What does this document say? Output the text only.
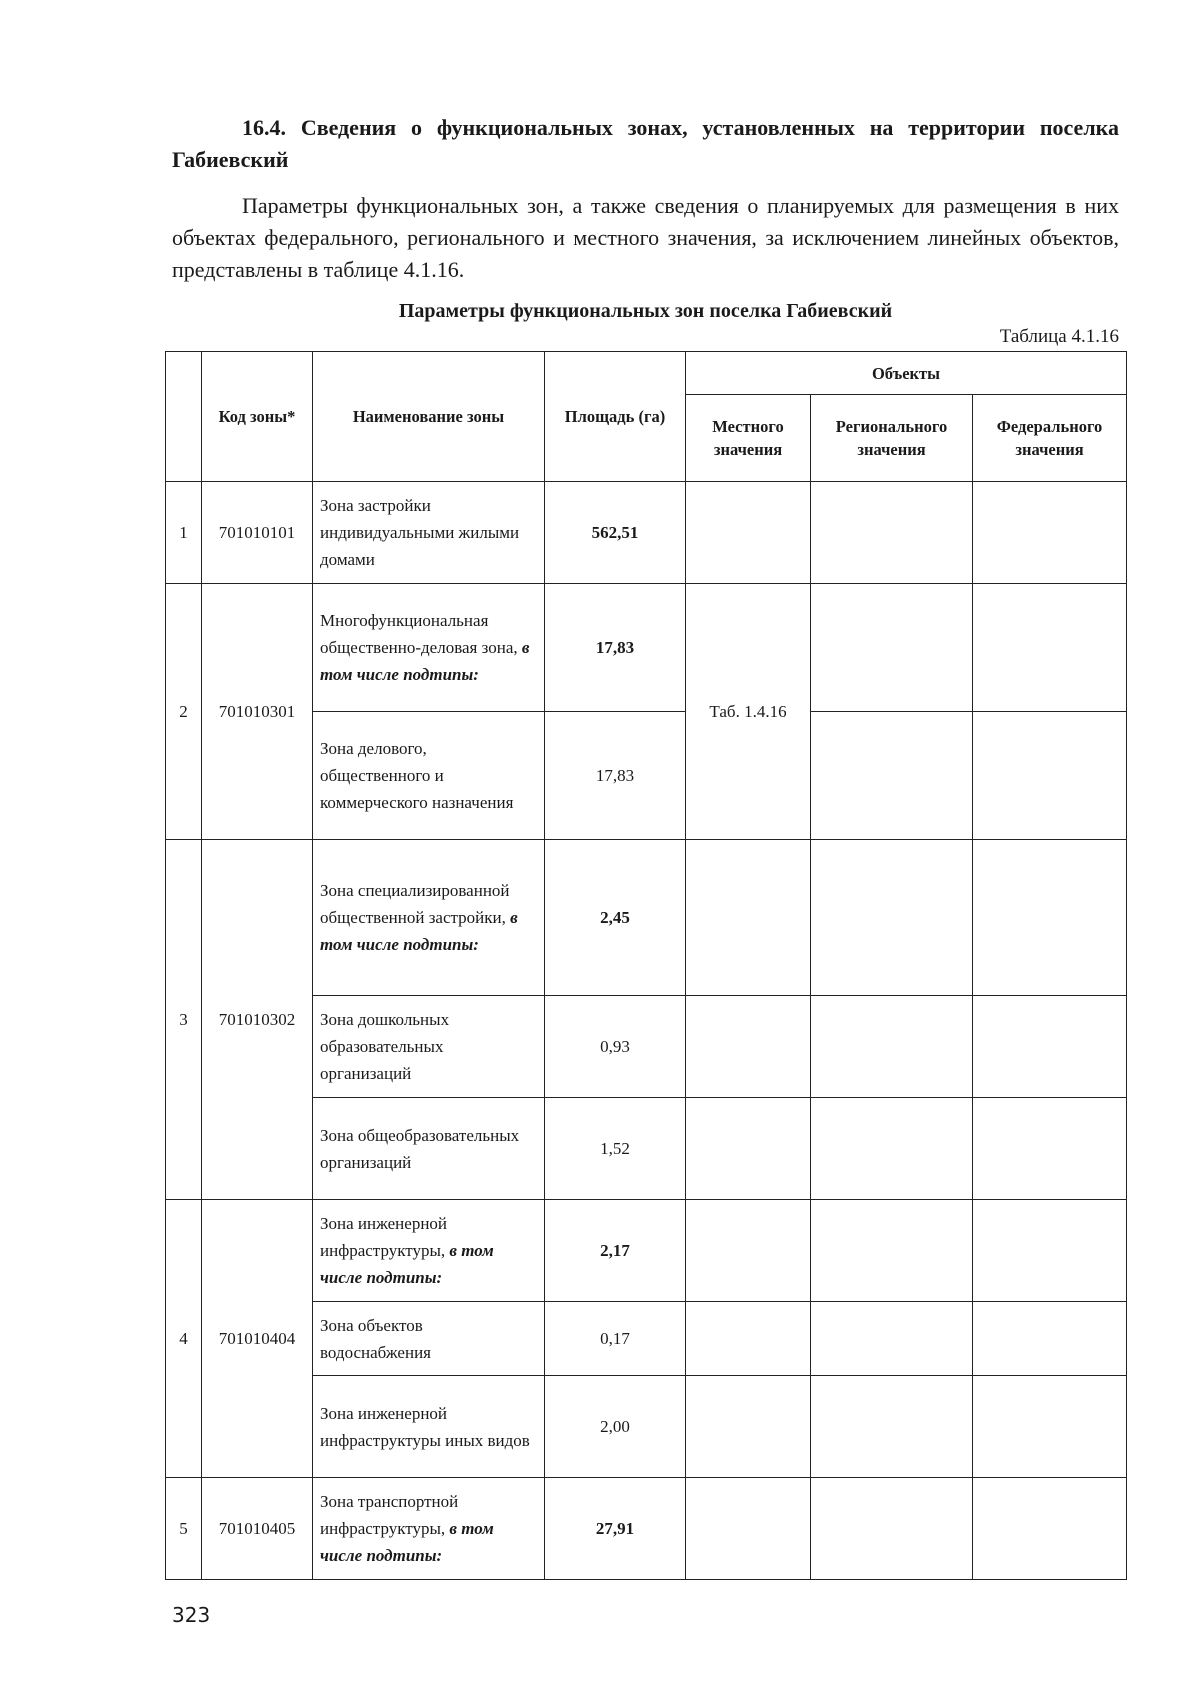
16.4. Сведения о функциональных зонах, установленных на территории поселка Габиевский
Параметры функциональных зон, а также сведения о планируемых для размещения в них объектах федерального, регионального и местного значения, за исключением линейных объектов, представлены в таблице 4.1.16.
Параметры функциональных зон поселка Габиевский
Таблица 4.1.16
	Код зоны*	Наименование зоны	Площадь (га)	Объекты		
				Местного значения	Регионального значения	Федерального значения
1	701010101	Зона застройки индивидуальными жилыми домами	562,51			
2	701010301	Многофункциональная общественно-деловая зона, в том числе подтипы:	17,83	Таб. 1.4.16		
		Зона делового, общественного и коммерческого назначения	17,83			
3	701010302	Зона специализированной общественной застройки, в том числе подтипы:	2,45			
		Зона дошкольных образовательных организаций	0,93			
		Зона общеобразовательных организаций	1,52			
4	701010404	Зона инженерной инфраструктуры, в том числе подтипы:	2,17			
		Зона объектов водоснабжения	0,17			
		Зона инженерной инфраструктуры иных видов	2,00			
5	701010405	Зона транспортной инфраструктуры, в том числе подтипы:	27,91			
323
